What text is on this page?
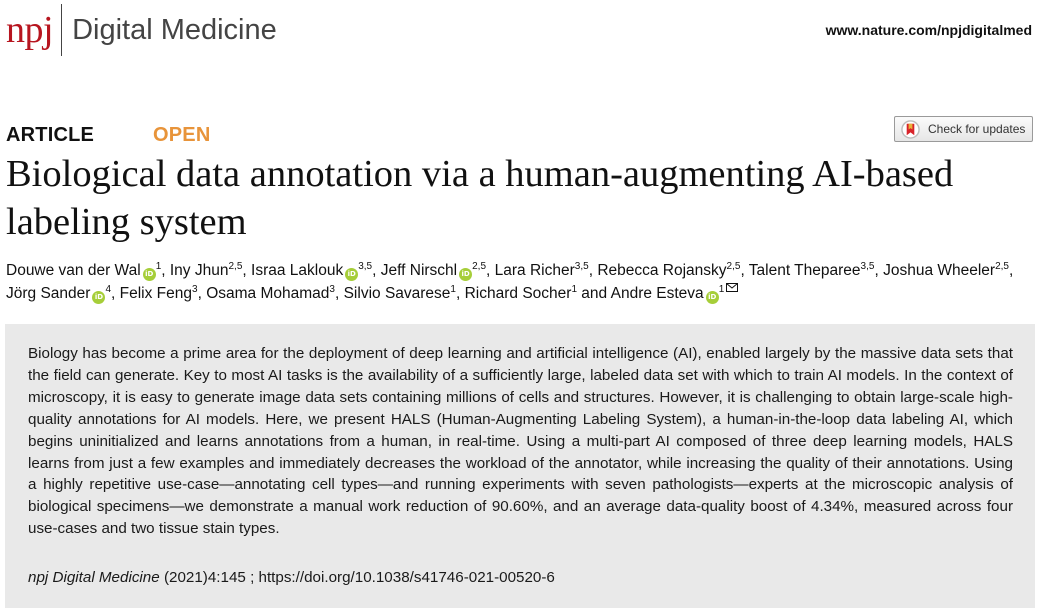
npj Digital Medicine	www.nature.com/npjdigitalmed
ARTICLE	OPEN	Check for updates
Biological data annotation via a human-augmenting AI-based labeling system
Douwe van der Wal $iD^1$, Iny Jhun$^{2,5}$, Israa Laklouk iD$^{3,5}$, Jeff Nirschl iD$^{2,5}$, Lara Richer$^{3,5}$, Rebecca Rojansky$^{2,5}$, Talent Theparee$^{3,5}$, Joshua Wheeler$^{2,5}$, Jörg Sander $iD^4$, Felix Feng$^3$, Osama Mohamad$^3$, Silvio Savarese$^1$, Richard Socher$^1$ and Andre Esteva $iD^1$

Biology has become a prime area for the deployment of deep learning and artificial intelligence (AI), enabled largely by the massive data sets that the field can generate. Key to most AI tasks is the availability of a sufficiently large, labeled data set with which to train AI models. In the context of microscopy, it is easy to generate image data sets containing millions of cells and structures. However, it is challenging to obtain large-scale high-quality annotations for AI models. Here, we present HALS (Human-Augmenting Labeling System), a human-in-the-loop data labeling AI, which begins uninitialized and learns annotations from a human, in real-time. Using a multi-part AI composed of three deep learning models, HALS learns from just a few examples and immediately decreases the workload of the annotator, while increasing the quality of their annotations. Using a highly repetitive use-case—annotating cell types—and running experiments with seven pathologists—experts at the microscopic analysis of biological specimens—we demonstrate a manual work reduction of 90.60%, and an average data-quality boost of 4.34%, measured across four use-cases and two tissue stain types.

npj Digital Medicine (2021)4:145 ; https://doi.org/10.1038/s41746-021-00520-6
